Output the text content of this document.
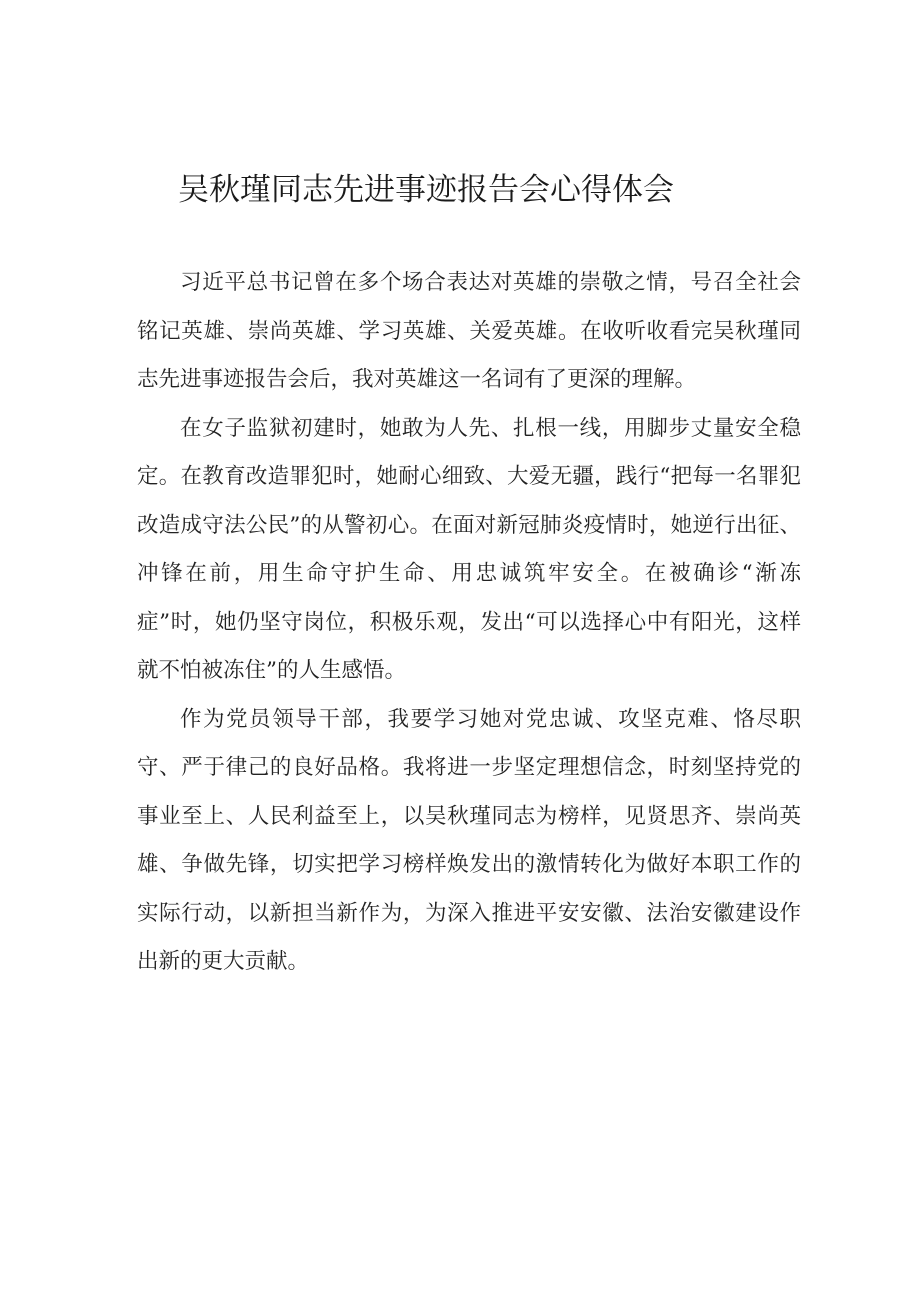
吴秋瑾同志先进事迹报告会心得体会

习近平总书记曾在多个场合表达对英雄的崇敬之情，号召全社会铭记英雄、崇尚英雄、学习英雄、关爱英雄。在收听收看完吴秋瑾同志先进事迹报告会后，我对英雄这一名词有了更深的理解。

在女子监狱初建时，她敢为人先、扎根一线，用脚步丈量安全稳定。在教育改造罪犯时，她耐心细致、大爱无疆，践行“把每一名罪犯改造成守法公民”的从警初心。在面对新冠肺炎疫情时，她逆行出征、冲锋在前，用生命守护生命、用忠诚筑牢安全。在被确诊“渐冻症”时，她仍坚守岗位，积极乐观，发出“可以选择心中有阳光，这样就不怕被冻住”的人生感悟。

作为党员领导干部，我要学习她对党忠诚、攻坚克难、恪尽职守、严于律己的良好品格。我将进一步坚定理想信念，时刻坚持党的事业至上、人民利益至上，以吴秋瑾同志为榜样，见贤思齐、崇尚英雄、争做先锋，切实把学习榜样焕发出的激情转化为做好本职工作的实际行动，以新担当新作为，为深入推进平安安徽、法治安徽建设作出新的更大贡献。
